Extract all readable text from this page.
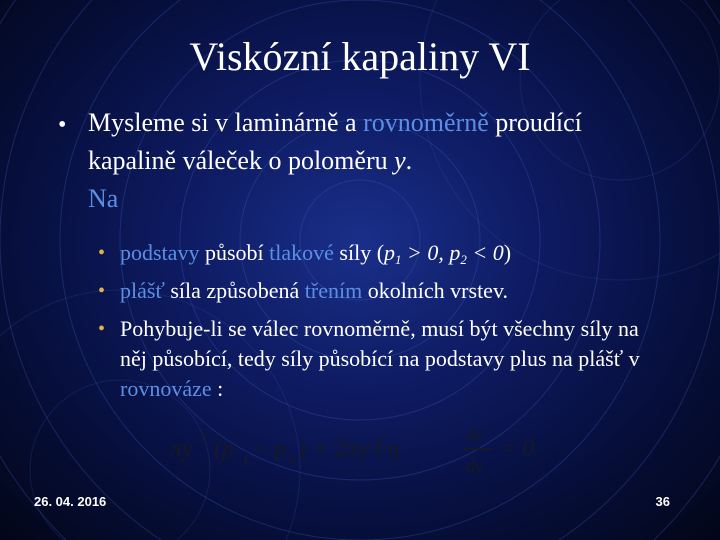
Viskózní kapaliny VI
• Mysleme si v laminárně a rovnoměrně proudící kapalině váleček o poloměru y.
Na
• podstavy působí tlakové síly ($p_1 > 0$, $p_2 < 0$)
• plášť síla způsobená třením okolních vrstev.
• Pohybuje-li se válec rovnoměrně, musí být všechny síly na něj působící, tedy síly působící na podstavy plus na plášť v rovnováze :
πy 2 (p 1 − p 2 ) + 2πy·l·η
dv
dy
= 0
26. 04. 2016	36
